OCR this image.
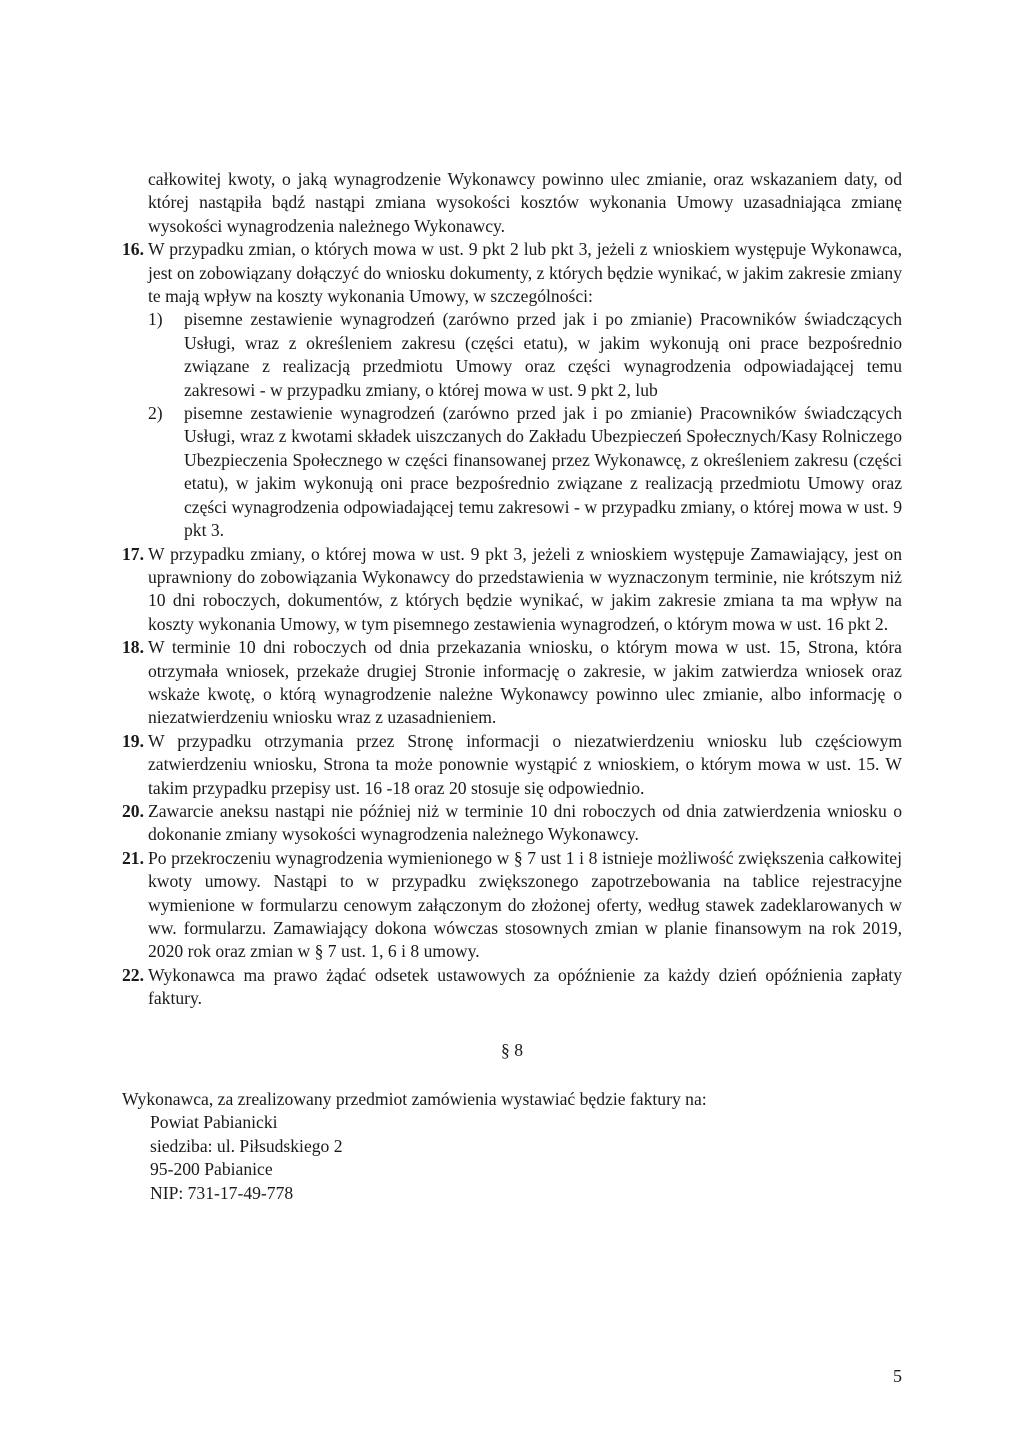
całkowitej kwoty, o jaką wynagrodzenie Wykonawcy powinno ulec zmianie, oraz wskazaniem daty, od której nastąpiła bądź nastąpi zmiana wysokości kosztów wykonania Umowy uzasadniająca zmianę wysokości wynagrodzenia należnego Wykonawcy.

16. W przypadku zmian, o których mowa w ust. 9 pkt 2 lub pkt 3, jeżeli z wnioskiem występuje Wykonawca, jest on zobowiązany dołączyć do wniosku dokumenty, z których będzie wynikać, w jakim zakresie zmiany te mają wpływ na koszty wykonania Umowy, w szczególności:
1) pisemne zestawienie wynagrodzeń (zarówno przed jak i po zmianie) Pracowników świadczących Usługi, wraz z określeniem zakresu (części etatu), w jakim wykonują oni prace bezpośrednio związane z realizacją przedmiotu Umowy oraz części wynagrodzenia odpowiadającej temu zakresowi - w przypadku zmiany, o której mowa w ust. 9 pkt 2, lub
2) pisemne zestawienie wynagrodzeń (zarówno przed jak i po zmianie) Pracowników świadczących Usługi, wraz z kwotami składek uiszczanych do Zakładu Ubezpieczeń Społecznych/Kasy Rolniczego Ubezpieczenia Społecznego w części finansowanej przez Wykonawcę, z określeniem zakresu (części etatu), w jakim wykonują oni prace bezpośrednio związane z realizacją przedmiotu Umowy oraz części wynagrodzenia odpowiadającej temu zakresowi - w przypadku zmiany, o której mowa w ust. 9 pkt 3.
17. W przypadku zmiany, o której mowa w ust. 9 pkt 3, jeżeli z wnioskiem występuje Zamawiający, jest on uprawniony do zobowiązania Wykonawcy do przedstawienia w wyznaczonym terminie, nie krótszym niż 10 dni roboczych, dokumentów, z których będzie wynikać, w jakim zakresie zmiana ta ma wpływ na koszty wykonania Umowy, w tym pisemnego zestawienia wynagrodzeń, o którym mowa w ust. 16 pkt 2.
18. W terminie 10 dni roboczych od dnia przekazania wniosku, o którym mowa w ust. 15, Strona, która otrzymała wniosek, przekaże drugiej Stronie informację o zakresie, w jakim zatwierdza wniosek oraz wskaże kwotę, o którą wynagrodzenie należne Wykonawcy powinno ulec zmianie, albo informację o niezatwierdzeniu wniosku wraz z uzasadnieniem.
19. W przypadku otrzymania przez Stronę informacji o niezatwierdzeniu wniosku lub częściowym zatwierdzeniu wniosku, Strona ta może ponownie wystąpić z wnioskiem, o którym mowa w ust. 15. W takim przypadku przepisy ust. 16 -18 oraz 20 stosuje się odpowiednio.
20. Zawarcie aneksu nastąpi nie później niż w terminie 10 dni roboczych od dnia zatwierdzenia wniosku o dokonanie zmiany wysokości wynagrodzenia należnego Wykonawcy.
21. Po przekroczeniu wynagrodzenia wymienionego w § 7 ust 1 i 8 istnieje możliwość zwiększenia całkowitej kwoty umowy. Nastąpi to w przypadku zwiększonego zapotrzebowania na tablice rejestracyjne wymienione w formularzu cenowym załączonym do złożonej oferty, według stawek zadeklarowanych w ww. formularzu. Zamawiający dokona wówczas stosownych zmian w planie finansowym na rok 2019, 2020 rok oraz zmian w § 7 ust. 1, 6 i 8 umowy.
22. Wykonawca ma prawo żądać odsetek ustawowych za opóźnienie za każdy dzień opóźnienia zapłaty faktury.
§ 8

Wykonawca, za zrealizowany przedmiot zamówienia wystawiać będzie faktury na:

Powiat Pabianicki

siedziba: ul. Piłsudskiego 2

95-200 Pabianice

NIP: 731-17-49-778

5
